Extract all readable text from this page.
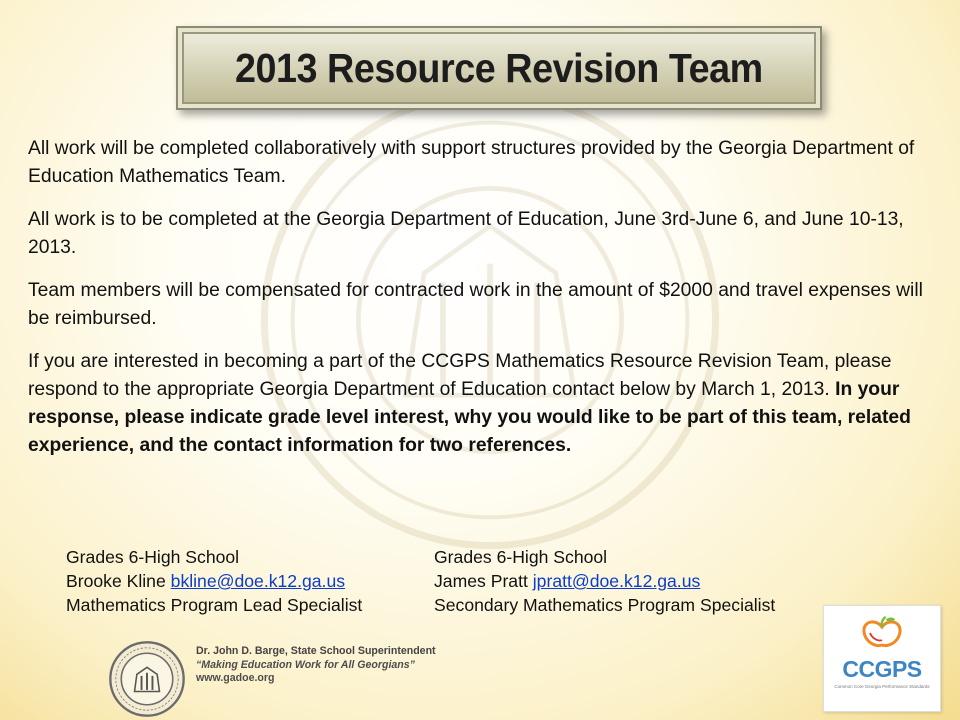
2013 Resource Revision Team

All work will be completed collaboratively with support structures provided by the Georgia Department of Education Mathematics Team.

All work is to be completed at the Georgia Department of Education, June 3rd-June 6, and June 10-13, 2013.

Team members will be compensated for contracted work in the amount of $2000 and travel expenses will be reimbursed.

If you are interested in becoming a part of the CCGPS Mathematics Resource Revision Team, please respond to the appropriate Georgia Department of Education contact below by March 1, 2013. In your response, please indicate grade level interest, why you would like to be part of this team, related experience, and the contact information for two references.

Grades 6-High School
Brooke Kline bkline@doe.k12.ga.us
Mathematics Program Lead Specialist
Grades 6-High School
James Pratt jpratt@doe.k12.ga.us
Secondary Mathematics Program Specialist
Dr. John D. Barge, State School Superintendent
“Making Education Work for All Georgians”
www.gadoe.org	CCGPS
Common Core Georgia Performance Standards
